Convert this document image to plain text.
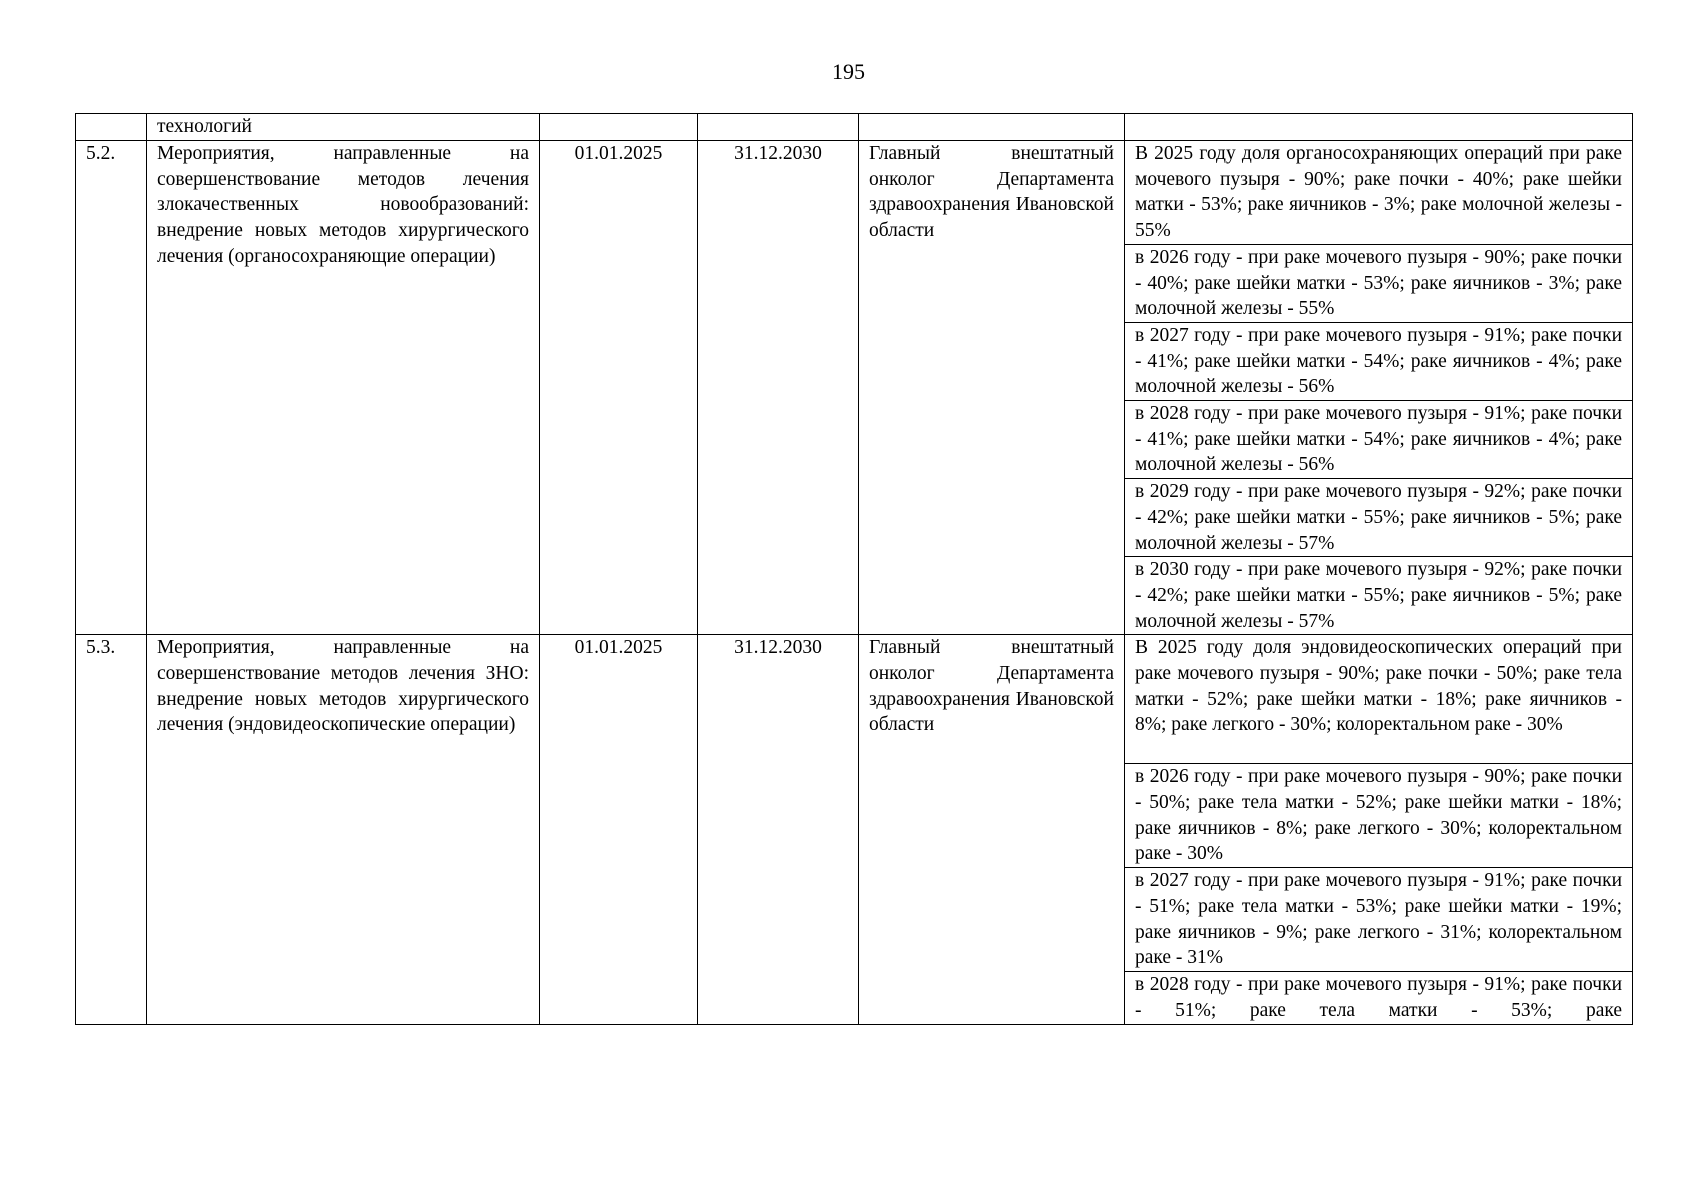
195
	технологий				
5.2.	Мероприятия, направленные на совершенствование методов лечения злокачественных новообразований: внедрение новых методов хирургического лечения (органосохраняющие операции)	01.01.2025	31.12.2030	Главный внештатный онколог Департамента здравоохранения Ивановской области	В 2025 году доля органосохраняющих операций при раке мочевого пузыря - 90%; раке почки - 40%; раке шейки матки - 53%; раке яичников - 3%; раке молочной железы - 55%
					в 2026 году - при раке мочевого пузыря - 90%; раке почки - 40%; раке шейки матки - 53%; раке яичников - 3%; раке молочной железы - 55%
					в 2027 году - при раке мочевого пузыря - 91%; раке почки - 41%; раке шейки матки - 54%; раке яичников - 4%; раке молочной железы - 56%
					в 2028 году - при раке мочевого пузыря - 91%; раке почки - 41%; раке шейки матки - 54%; раке яичников - 4%; раке молочной железы - 56%
					в 2029 году - при раке мочевого пузыря - 92%; раке почки - 42%; раке шейки матки - 55%; раке яичников - 5%; раке молочной железы - 57%
					в 2030 году - при раке мочевого пузыря - 92%; раке почки - 42%; раке шейки матки - 55%; раке яичников - 5%; раке молочной железы - 57%
5.3.	Мероприятия, направленные на совершенствование методов лечения ЗНО: внедрение новых методов хирургического лечения (эндовидеоскопические операции)	01.01.2025	31.12.2030	Главный внештатный онколог Департамента здравоохранения Ивановской области	В 2025 году доля эндовидеоскопических операций при раке мочевого пузыря - 90%; раке почки - 50%; раке тела матки - 52%; раке шейки матки - 18%; раке яичников - 8%; раке легкого - 30%; колоректальном раке - 30%
					в 2026 году - при раке мочевого пузыря - 90%; раке почки - 50%; раке тела матки - 52%; раке шейки матки - 18%; раке яичников - 8%; раке легкого - 30%; колоректальном раке - 30%
					в 2027 году - при раке мочевого пузыря - 91%; раке почки - 51%; раке тела матки - 53%; раке шейки матки - 19%; раке яичников - 9%; раке легкого - 31%; колоректальном раке - 31%
					в 2028 году - при раке мочевого пузыря - 91%; раке почки - 51%; раке тела матки - 53%; раке
